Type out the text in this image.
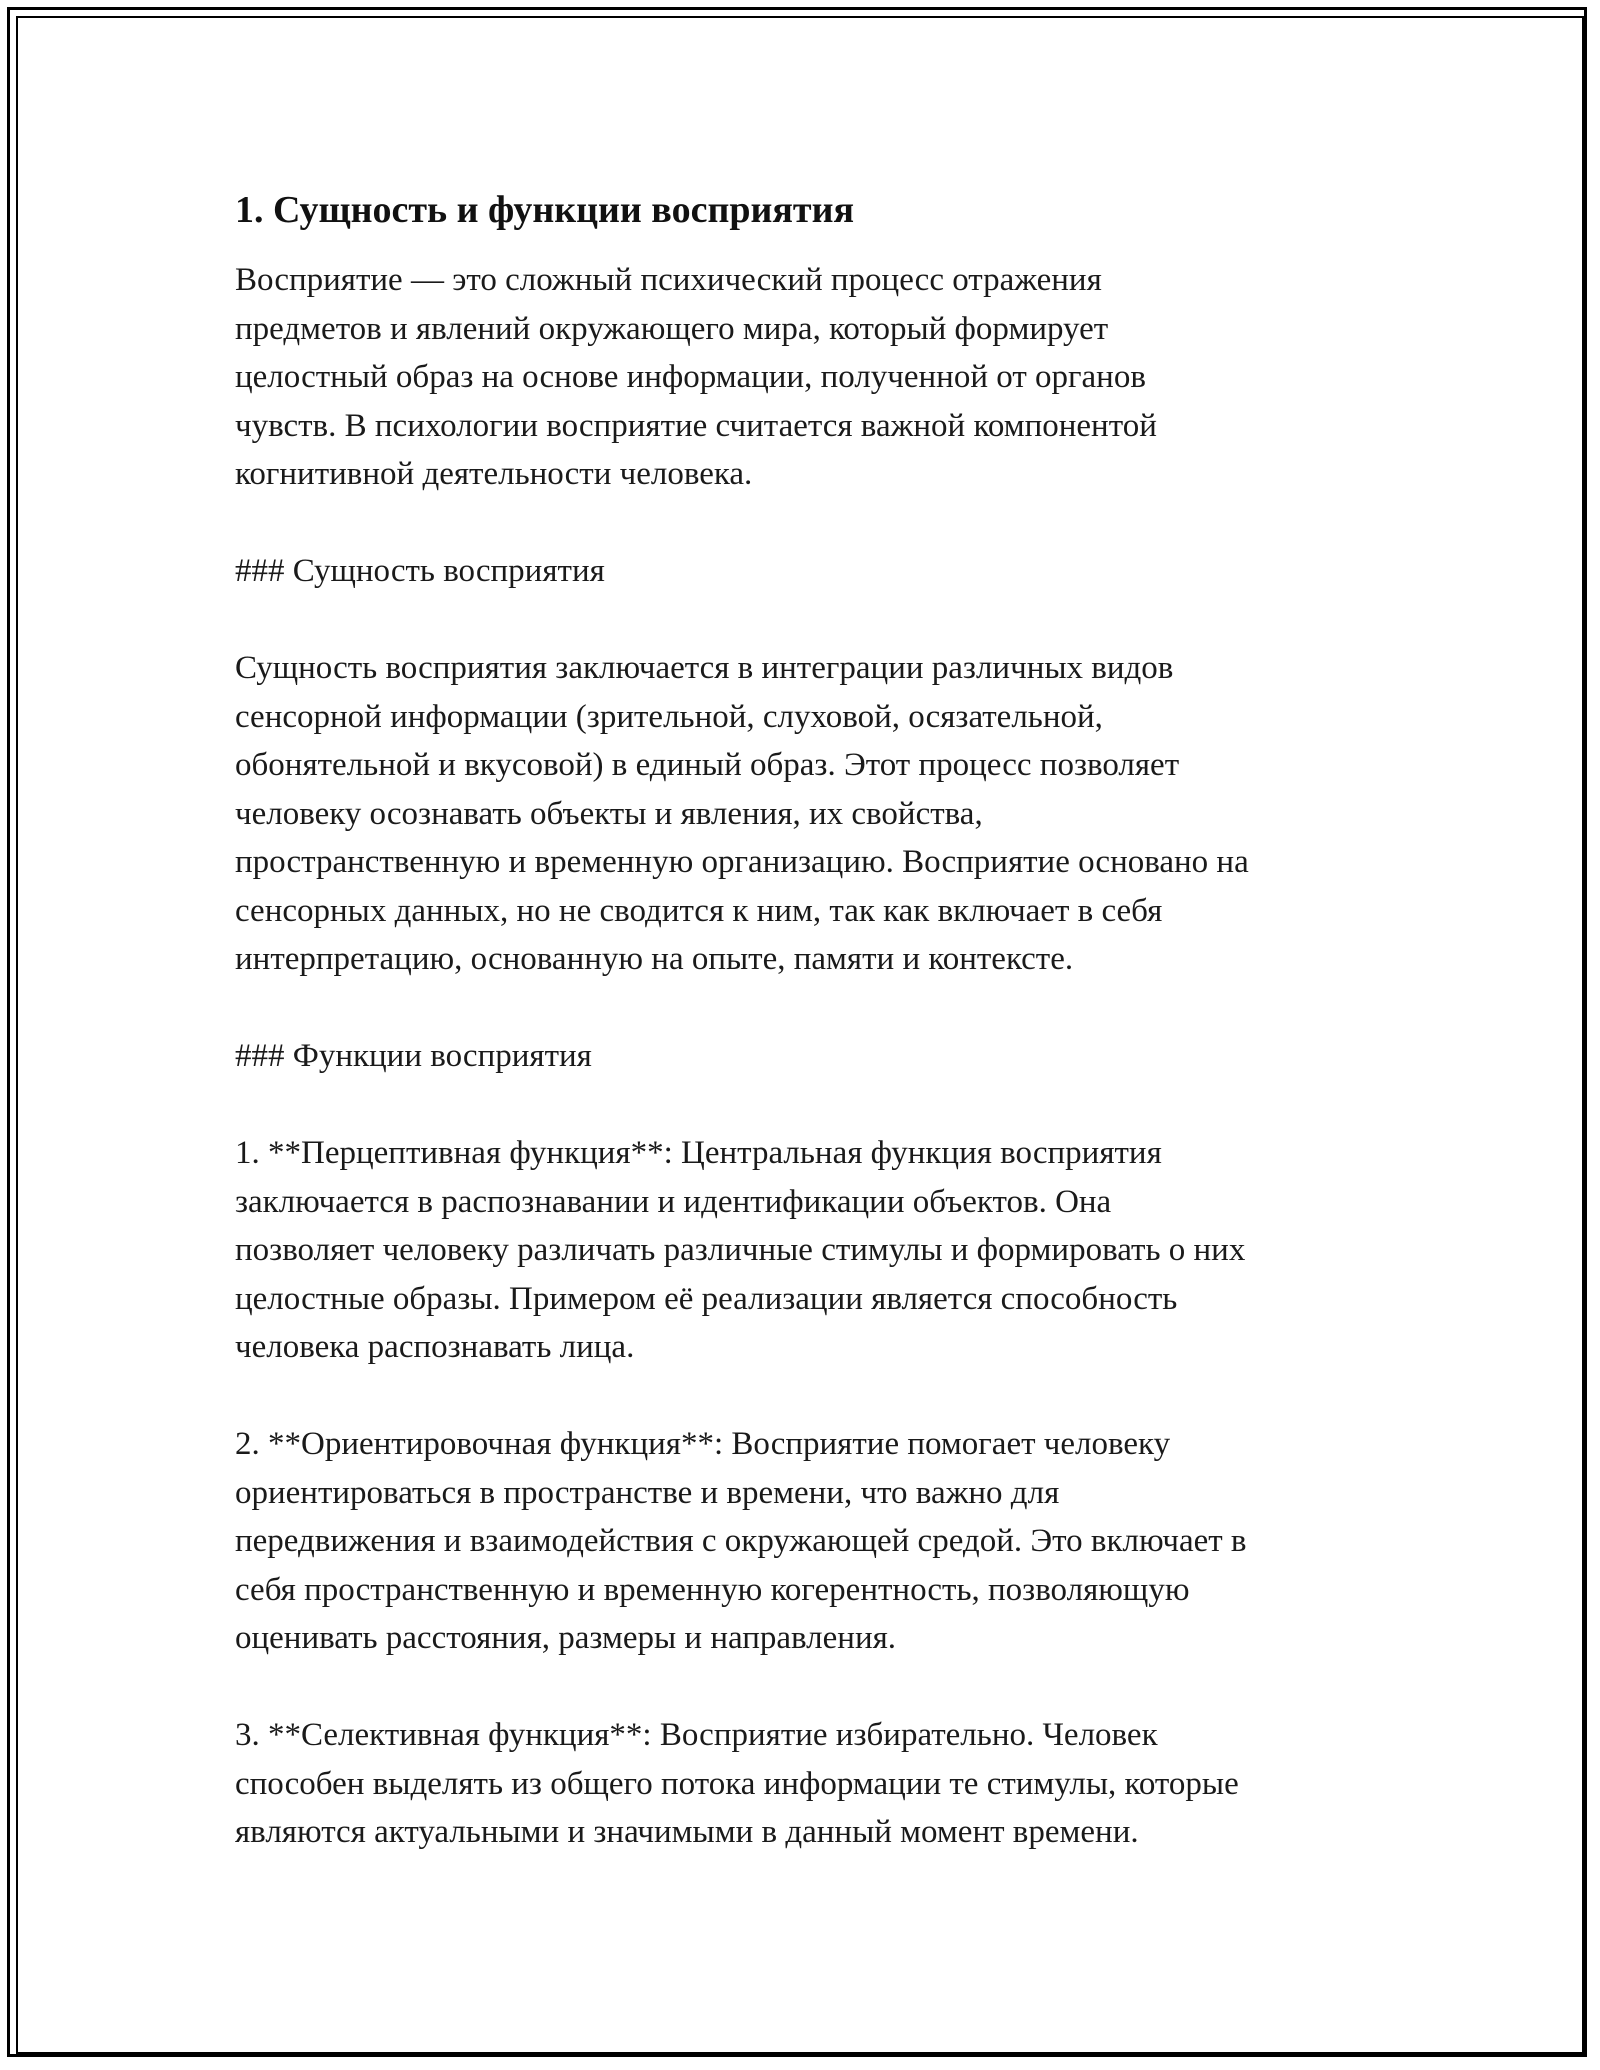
1. Сущность и функции восприятия

Восприятие — это сложный психический процесс отражения
предметов и явлений окружающего мира, который формирует
целостный образ на основе информации, полученной от органов
чувств. В психологии восприятие считается важной компонентой
когнитивной деятельности человека.

### Сущность восприятия

Сущность восприятия заключается в интеграции различных видов
сенсорной информации (зрительной, слуховой, осязательной,
обонятельной и вкусовой) в единый образ. Этот процесс позволяет
человеку осознавать объекты и явления, их свойства,
пространственную и временную организацию. Восприятие основано на
сенсорных данных, но не сводится к ним, так как включает в себя
интерпретацию, основанную на опыте, памяти и контексте.

### Функции восприятия

1. **Перцептивная функция**: Центральная функция восприятия
заключается в распознавании и идентификации объектов. Она
позволяет человеку различать различные стимулы и формировать о них
целостные образы. Примером её реализации является способность
человека распознавать лица.

2. **Ориентировочная функция**: Восприятие помогает человеку
ориентироваться в пространстве и времени, что важно для
передвижения и взаимодействия с окружающей средой. Это включает в
себя пространственную и временную когерентность, позволяющую
оценивать расстояния, размеры и направления.

3. **Селективная функция**: Восприятие избирательно. Человек
способен выделять из общего потока информации те стимулы, которые
являются актуальными и значимыми в данный момент времени.
